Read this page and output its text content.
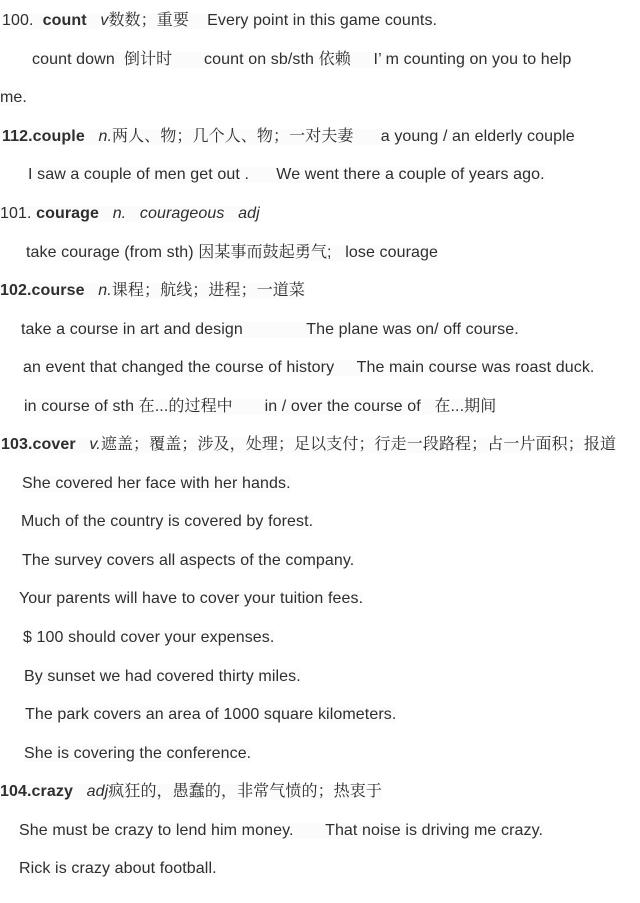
100. count
v 数数；重要    Every point in this game counts.
count down  倒计时       count on sb/sth 依赖     I’ m counting on you to help
me.
112.couple
n. 两人、物；几个人、物；一对夫妻      a young / an elderly couple
I saw a couple of men get out .      We went there a couple of years ago.
101. courage
n.
courageous
adj
take courage (from sth) 因某事而鼓起勇气;   lose courage
102.course
n. 课程；航线；进程；一道菜
take a course in art and design              The plane was on/ off course.
an event that changed the course of history     The main course was roast duck.
in course of sth 在...的过程中       in / over the course of   在...期间
103.cover
v. 遮盖；覆盖；涉及，处理；足以支付；行走一段路程；占一片面积；报道
She covered her face with her hands.
Much of the country is covered by forest.
The survey covers all aspects of the company.
Your parents will have to cover your tuition fees.
$ 100 should cover your expenses.
By sunset we had covered thirty miles.
The park covers an area of 1000 square kilometers.
She is covering the conference.
104.crazy
adj 疯狂的，愚蠢的，非常气愤的；热衷于
She must be crazy to lend him money.       That noise is driving me crazy.
Rick is crazy about football.
